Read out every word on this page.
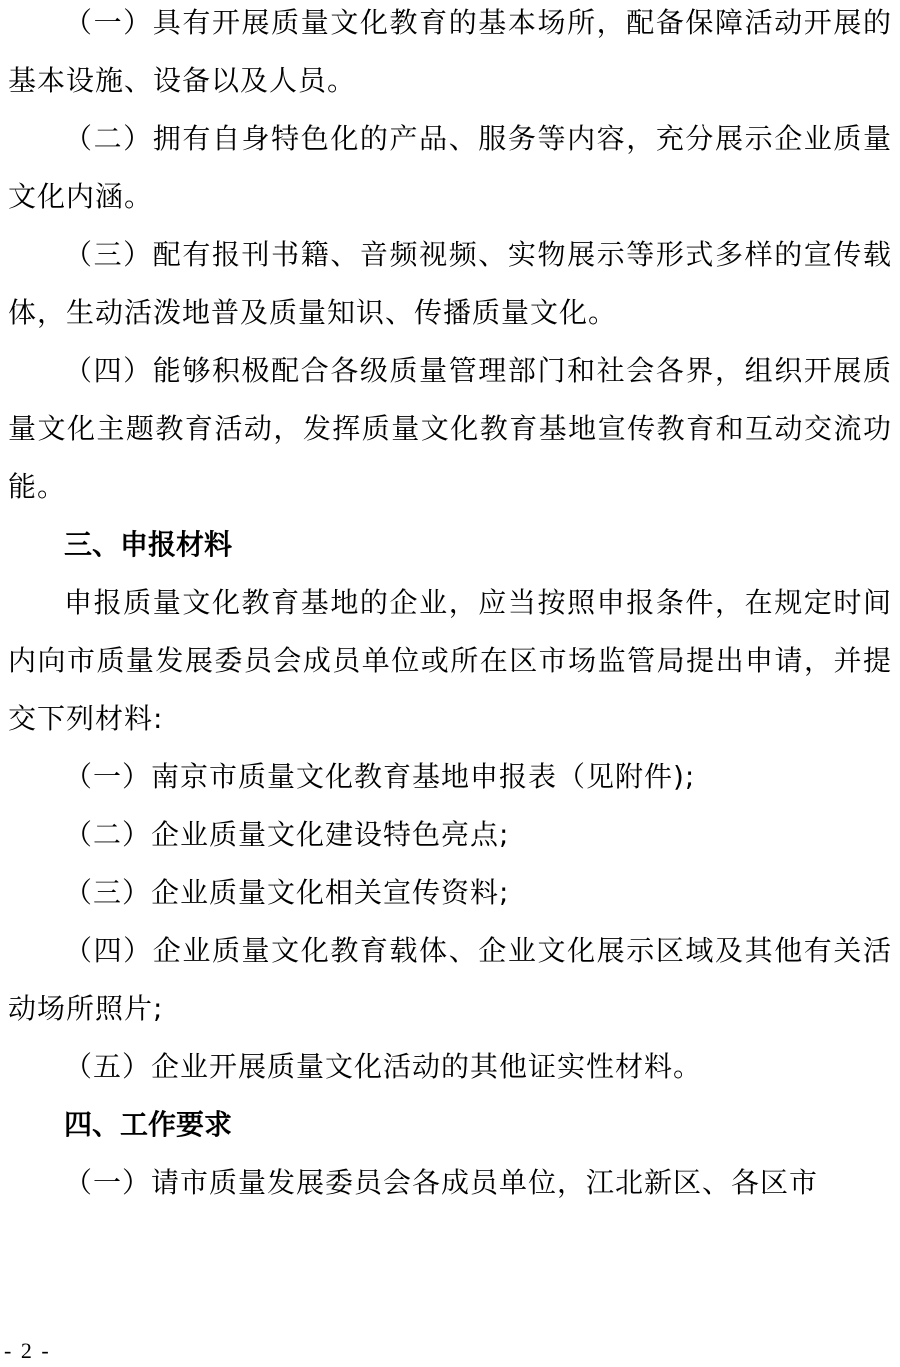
（一）具有开展质量文化教育的基本场所，配备保障活动开展的基本设施、设备以及人员。

（二）拥有自身特色化的产品、服务等内容，充分展示企业质量文化内涵。

（三）配有报刊书籍、音频视频、实物展示等形式多样的宣传载体，生动活泼地普及质量知识、传播质量文化。

（四）能够积极配合各级质量管理部门和社会各界，组织开展质量文化主题教育活动，发挥质量文化教育基地宣传教育和互动交流功能。

三、申报材料

申报质量文化教育基地的企业，应当按照申报条件，在规定时间内向市质量发展委员会成员单位或所在区市场监管局提出申请，并提交下列材料:

（一）南京市质量文化教育基地申报表（见附件);

（二）企业质量文化建设特色亮点;

（三）企业质量文化相关宣传资料;

（四）企业质量文化教育载体、企业文化展示区域及其他有关活动场所照片;

（五）企业开展质量文化活动的其他证实性材料。

四、工作要求

（一）请市质量发展委员会各成员单位，江北新区、各区市

- 2 -
